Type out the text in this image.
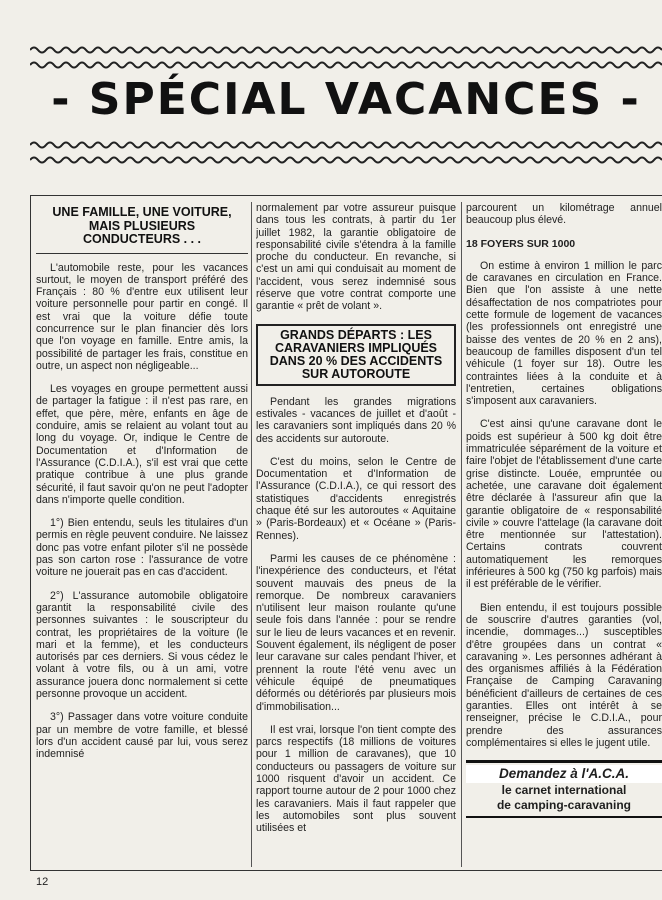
- SPÉCIAL VACANCES -
UNE FAMILLE, UNE VOITURE,
MAIS PLUSIEURS
CONDUCTEURS . . .

L'automobile reste, pour les vacances surtout, le moyen de transport préféré des Français : 80 % d'entre eux utilisent leur voiture personnelle pour partir en congé. Il est vrai que la voiture défie toute concurrence sur le plan financier dès lors que l'on voyage en famille. Entre amis, la possibilité de partager les frais, constitue en outre, un aspect non négligeable...

Les voyages en groupe permettent aussi de partager la fatigue : il n'est pas rare, en effet, que père, mère, enfants en âge de conduire, amis se relaient au volant tout au long du voyage. Or, indique le Centre de Documentation et d'Information de l'Assurance (C.D.I.A.), s'il est vrai que cette pratique contribue à une plus grande sécurité, il faut savoir qu'on ne peut l'adopter dans n'importe quelle condition.

1°) Bien entendu, seuls les titulaires d'un permis en règle peuvent conduire. Ne laissez donc pas votre enfant piloter s'il ne possède pas son carton rose : l'assurance de votre voiture ne jouerait pas en cas d'accident.

2°) L'assurance automobile obligatoire garantit la responsabilité civile des personnes suivantes : le souscripteur du contrat, les propriétaires de la voiture (le mari et la femme), et les conducteurs autorisés par ces derniers. Si vous cédez le volant à votre fils, ou à un ami, votre assurance jouera donc normalement si cette personne provoque un accident.

3°) Passager dans votre voiture conduite par un membre de votre famille, et blessé lors d'un accident causé par lui, vous serez indemnisé

normalement par votre assureur puisque dans tous les contrats, à partir du 1er juillet 1982, la garantie obligatoire de responsabilité civile s'étendra à la famille proche du conducteur. En revanche, si c'est un ami qui conduisait au moment de l'accident, vous serez indemnisé sous réserve que votre contrat comporte une garantie « prêt de volant ».

GRANDS DÉPARTS : LES
CARAVANIERS IMPLIQUÉS
DANS 20 % DES ACCIDENTS
SUR AUTOROUTE

Pendant les grandes migrations estivales - vacances de juillet et d'août - les caravaniers sont impliqués dans 20 % des accidents sur autoroute.

C'est du moins, selon le Centre de Documentation et d'Information de l'Assurance (C.D.I.A.), ce qui ressort des statistiques d'accidents enregistrés chaque été sur les autoroutes « Aquitaine » (Paris-Bordeaux) et « Océane » (Paris-Rennes).

Parmi les causes de ce phénomène : l'inexpérience des conducteurs, et l'état souvent mauvais des pneus de la remorque. De nombreux caravaniers n'utilisent leur maison roulante qu'une seule fois dans l'année : pour se rendre sur le lieu de leurs vacances et en revenir. Souvent également, ils négligent de poser leur caravane sur cales pendant l'hiver, et prennent la route l'été venu avec un véhicule équipé de pneumatiques déformés ou détériorés par plusieurs mois d'immobilisation...

Il est vrai, lorsque l'on tient compte des parcs respectifs (18 millions de voitures pour 1 million de caravanes), que 10 conducteurs ou passagers de voiture sur 1000 risquent d'avoir un accident. Ce rapport tourne autour de 2 pour 1000 chez les caravaniers. Mais il faut rappeler que les automobiles sont plus souvent utilisées et

parcourent un kilométrage annuel beaucoup plus élevé.

18 FOYERS SUR 1000

On estime à environ 1 million le parc de caravanes en circulation en France. Bien que l'on assiste à une nette désaffectation de nos compatriotes pour cette formule de logement de vacances (les professionnels ont enregistré une baisse des ventes de 20 % en 2 ans), beaucoup de familles disposent d'un tel véhicule (1 foyer sur 18). Outre les contraintes liées à la conduite et à l'entretien, certaines obligations s'imposent aux caravaniers.

C'est ainsi qu'une caravane dont le poids est supérieur à 500 kg doit être immatriculée séparément de la voiture et faire l'objet de l'établissement d'une carte grise distincte. Louée, empruntée ou achetée, une caravane doit également être déclarée à l'assureur afin que la garantie obligatoire de « responsabilité civile » couvre l'attelage (la caravane doit être mentionnée sur l'attestation). Certains contrats couvrent automatiquement les remorques inférieures à 500 kg (750 kg parfois) mais il est préférable de le vérifier.

Bien entendu, il est toujours possible de souscrire d'autres garanties (vol, incendie, dommages...) susceptibles d'être groupées dans un contrat « caravaning ». Les personnes adhérant à des organismes affiliés à la Fédération Française de Camping Caravaning bénéficient d'ailleurs de certaines de ces garanties. Elles ont intérêt à se renseigner, précise le C.D.I.A., pour prendre des assurances complémentaires si elles le jugent utile.

Demandez à l'A.C.A.
le carnet international
de camping-caravaning
12
